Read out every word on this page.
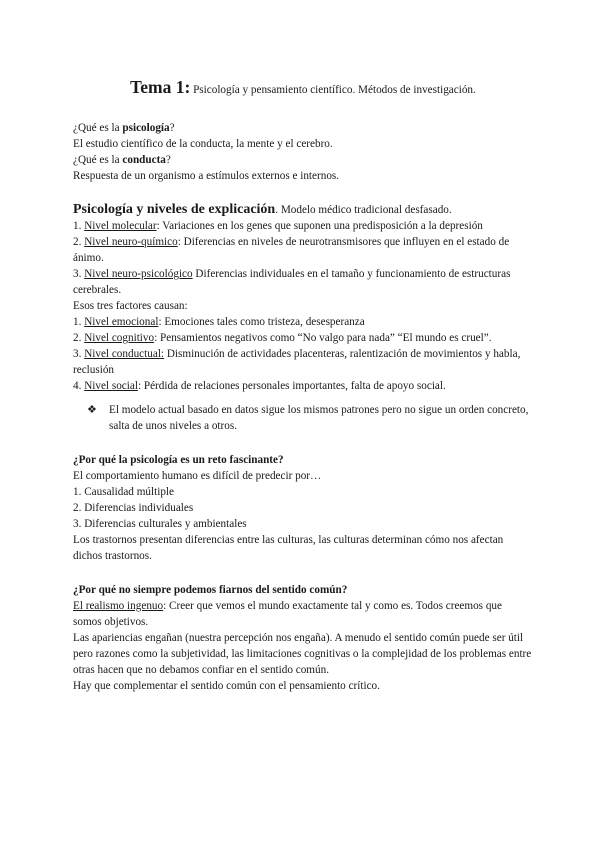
Tema 1: Psicología y pensamiento científico. Métodos de investigación.

¿Qué es la psicología?

El estudio científico de la conducta, la mente y el cerebro.

¿Qué es la conducta?

Respuesta de un organismo a estímulos externos e internos.

Psicología y niveles de explicación. Modelo médico tradicional desfasado.

1. Nivel molecular: Variaciones en los genes que suponen una predisposición a la depresión

2. Nivel neuro-químico: Diferencias en niveles de neurotransmisores que influyen en el estado de ánimo.

3. Nivel neuro-psicológico Diferencias individuales en el tamaño y funcionamiento de estructuras cerebrales.

Esos tres factores causan:

1. Nivel emocional: Emociones tales como tristeza, desesperanza

2. Nivel cognitivo: Pensamientos negativos como “No valgo para nada” “El mundo es cruel”.

3. Nivel conductual: Disminución de actividades placenteras, ralentización de movimientos y habla, reclusión

4. Nivel social: Pérdida de relaciones personales importantes, falta de apoyo social.

❖ El modelo actual basado en datos sigue los mismos patrones pero no sigue un orden concreto, salta de unos niveles a otros.

¿Por qué la psicología es un reto fascinante?

El comportamiento humano es difícil de predecir por…

1. Causalidad múltiple

2. Diferencias individuales

3. Diferencias culturales y ambientales

Los trastornos presentan diferencias entre las culturas, las culturas determinan cómo nos afectan dichos trastornos.

¿Por qué no siempre podemos fiarnos del sentido común?

El realismo ingenuo: Creer que vemos el mundo exactamente tal y como es. Todos creemos que somos objetivos.

Las apariencias engañan (nuestra percepción nos engaña). A menudo el sentido común puede ser útil pero razones como la subjetividad, las limitaciones cognitivas o la complejidad de los problemas entre otras hacen que no debamos confiar en el sentido común.

Hay que complementar el sentido común con el pensamiento crítico.
